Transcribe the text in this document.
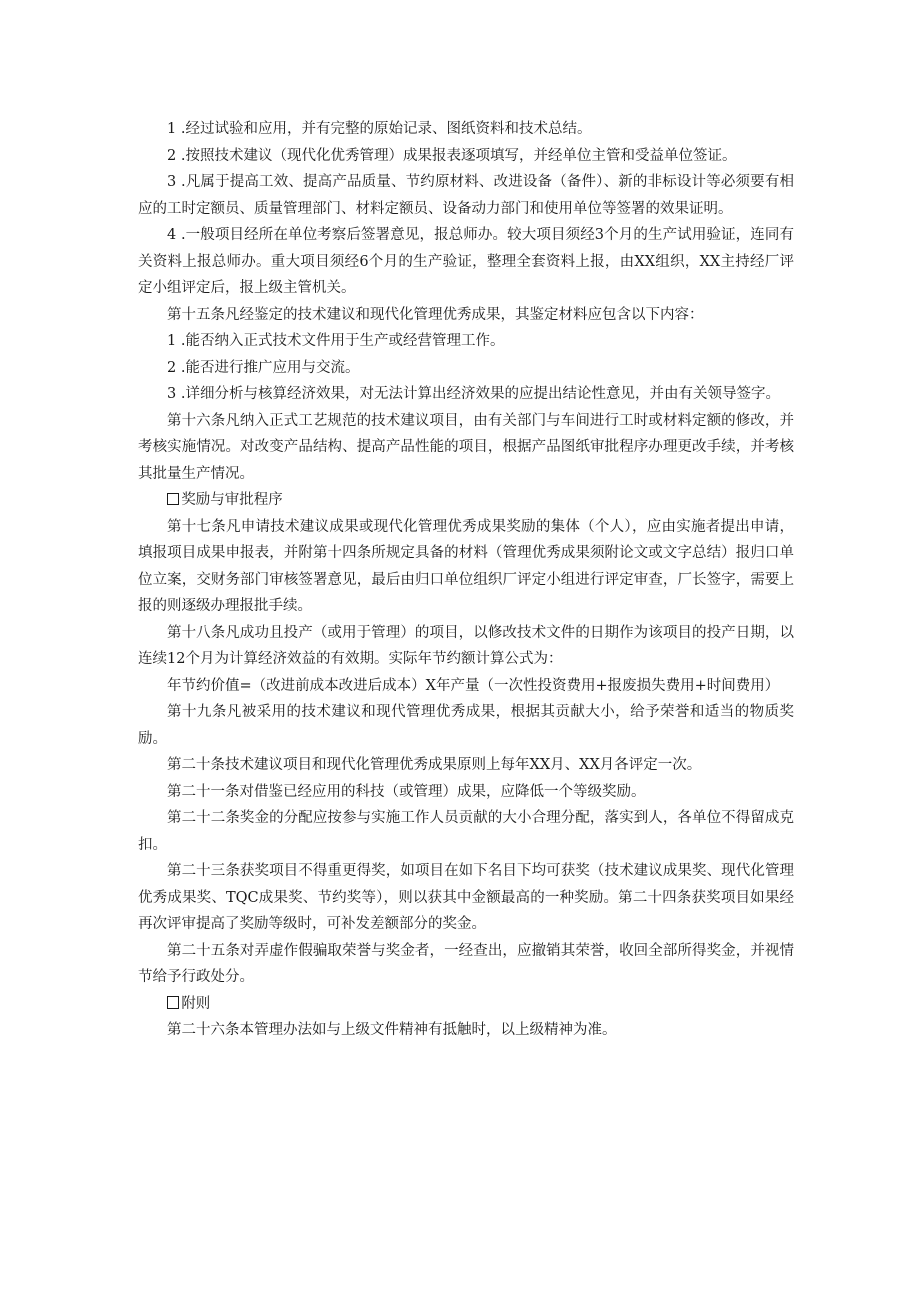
1 .经过试验和应用，并有完整的原始记录、图纸资料和技术总结。

2 .按照技术建议（现代化优秀管理）成果报表逐项填写，并经单位主管和受益单位签证。

3 .凡属于提高工效、提高产品质量、节约原材料、改进设备（备件）、新的非标设计等必须要有相应的工时定额员、质量管理部门、材料定额员、设备动力部门和使用单位等签署的效果证明。

4 .一般项目经所在单位考察后签署意见，报总师办。较大项目须经3个月的生产试用验证，连同有关资料上报总师办。重大项目须经6个月的生产验证，整理全套资料上报，由XX组织，XX主持经厂评定小组评定后，报上级主管机关。

第十五条凡经鉴定的技术建议和现代化管理优秀成果，其鉴定材料应包含以下内容：

1 .能否纳入正式技术文件用于生产或经营管理工作。

2 .能否进行推广应用与交流。

3 .详细分析与核算经济效果，对无法计算出经济效果的应提出结论性意见，并由有关领导签字。

第十六条凡纳入正式工艺规范的技术建议项目，由有关部门与车间进行工时或材料定额的修改，并考核实施情况。对改变产品结构、提高产品性能的项目，根据产品图纸审批程序办理更改手续，并考核其批量生产情况。

奖励与审批程序

第十七条凡申请技术建议成果或现代化管理优秀成果奖励的集体（个人），应由实施者提出申请，填报项目成果申报表，并附第十四条所规定具备的材料（管理优秀成果须附论文或文字总结）报归口单位立案，交财务部门审核签署意见，最后由归口单位组织厂评定小组进行评定审查，厂长签字，需要上报的则逐级办理报批手续。

第十八条凡成功且投产（或用于管理）的项目，以修改技术文件的日期作为该项目的投产日期，以连续12个月为计算经济效益的有效期。实际年节约额计算公式为：

年节约价值=（改进前成本改进后成本）X年产量（一次性投资费用+报废损失费用+时间费用）

第十九条凡被采用的技术建议和现代管理优秀成果，根据其贡献大小，给予荣誉和适当的物质奖励。

第二十条技术建议项目和现代化管理优秀成果原则上每年XX月、XX月各评定一次。

第二十一条对借鉴已经应用的科技（或管理）成果，应降低一个等级奖励。

第二十二条奖金的分配应按参与实施工作人员贡献的大小合理分配，落实到人，各单位不得留成克扣。

第二十三条获奖项目不得重更得奖，如项目在如下名目下均可获奖（技术建议成果奖、现代化管理优秀成果奖、TQC成果奖、节约奖等），则以获其中金额最高的一种奖励。第二十四条获奖项目如果经再次评审提高了奖励等级时，可补发差额部分的奖金。

第二十五条对弄虚作假骗取荣誉与奖金者，一经查出，应撤销其荣誉，收回全部所得奖金，并视情节给予行政处分。

附则

第二十六条本管理办法如与上级文件精神有抵触时，以上级精神为准。
